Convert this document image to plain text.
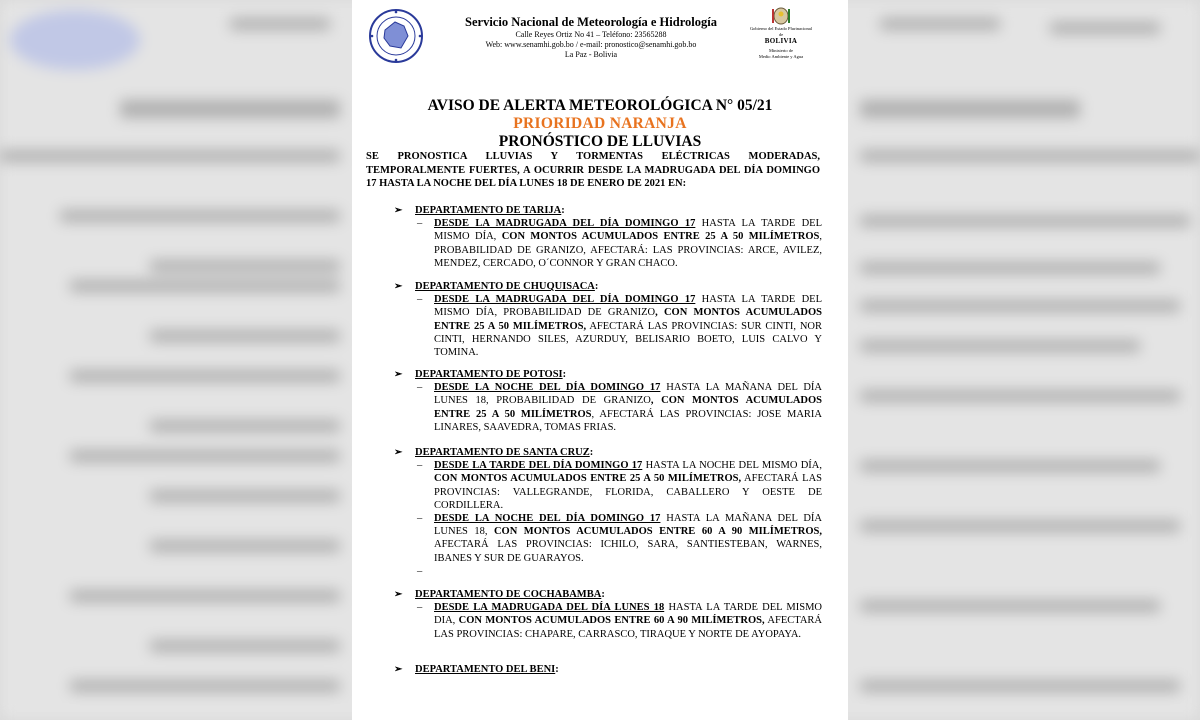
Servicio Nacional de Meteorología e Hidrología
Calle Reyes Ortiz No 41 – Teléfono: 23565288
Web: www.senamhi.gob.bo / e-mail: pronostico@senamhi.gob.bo
La Paz - Bolivia
Gobierno del Estado Plurinacional de
BOLIVIA
Ministerio de
Medio Ambiente y Agua
AVISO DE ALERTA METEOROLÓGICA N° 05/21
PRIORIDAD NARANJA
PRONÓSTICO DE LLUVIAS
SE PRONOSTICA LLUVIAS Y TORMENTAS ELÉCTRICAS MODERADAS, TEMPORALMENTE FUERTES, A OCURRIR DESDE LA MADRUGADA DEL DÍA DOMINGO 17 HASTA LA NOCHE DEL DÍA LUNES 18 DE ENERO DE 2021 EN:
➢ DEPARTAMENTO DE TARIJA:
– DESDE LA MADRUGADA DEL DÍA DOMINGO 17 HASTA LA TARDE DEL MISMO DÍA, CON MONTOS ACUMULADOS ENTRE 25 A 50 MILÍMETROS, PROBABILIDAD DE GRANIZO, AFECTARÁ: LAS PROVINCIAS: ARCE, AVILEZ, MENDEZ, CERCADO, O´CONNOR Y GRAN CHACO.
➢ DEPARTAMENTO DE CHUQUISACA:
– DESDE LA MADRUGADA DEL DÍA DOMINGO 17 HASTA LA TARDE DEL MISMO DÍA, PROBABILIDAD DE GRANIZO, CON MONTOS ACUMULADOS ENTRE 25 A 50 MILÍMETROS, AFECTARÁ LAS PROVINCIAS: SUR CINTI, NOR CINTI, HERNANDO SILES, AZURDUY, BELISARIO BOETO, LUIS CALVO Y TOMINA.
➢ DEPARTAMENTO DE POTOSI:
– DESDE LA NOCHE DEL DÍA DOMINGO 17 HASTA LA MAÑANA DEL DÍA LUNES 18, PROBABILIDAD DE GRANIZO, CON MONTOS ACUMULADOS ENTRE 25 A 50 MILÍMETROS, AFECTARÁ LAS PROVINCIAS: JOSE MARIA LINARES, SAAVEDRA, TOMAS FRIAS.
➢ DEPARTAMENTO DE SANTA CRUZ:
– DESDE LA TARDE DEL DÍA DOMINGO 17 HASTA LA NOCHE DEL MISMO DÍA, CON MONTOS ACUMULADOS ENTRE 25 A 50 MILÍMETROS, AFECTARÁ LAS PROVINCIAS: VALLEGRANDE, FLORIDA, CABALLERO Y OESTE DE CORDILLERA.
– DESDE LA NOCHE DEL DÍA DOMINGO 17 HASTA LA MAÑANA DEL DÍA LUNES 18, CON MONTOS ACUMULADOS ENTRE 60 A 90 MILÍMETROS, AFECTARÁ LAS PROVINCIAS: ICHILO, SARA, SANTIESTEBAN, WARNES, IBANES Y SUR DE GUARAYOS.
–
➢ DEPARTAMENTO DE COCHABAMBA:
– DESDE LA MADRUGADA DEL DÍA LUNES 18 HASTA LA TARDE DEL MISMO DIA, CON MONTOS ACUMULADOS ENTRE 60 A 90 MILÍMETROS, AFECTARÁ LAS PROVINCIAS: CHAPARE, CARRASCO, TIRAQUE Y NORTE DE AYOPAYA.
➢ DEPARTAMENTO DEL BENI:
